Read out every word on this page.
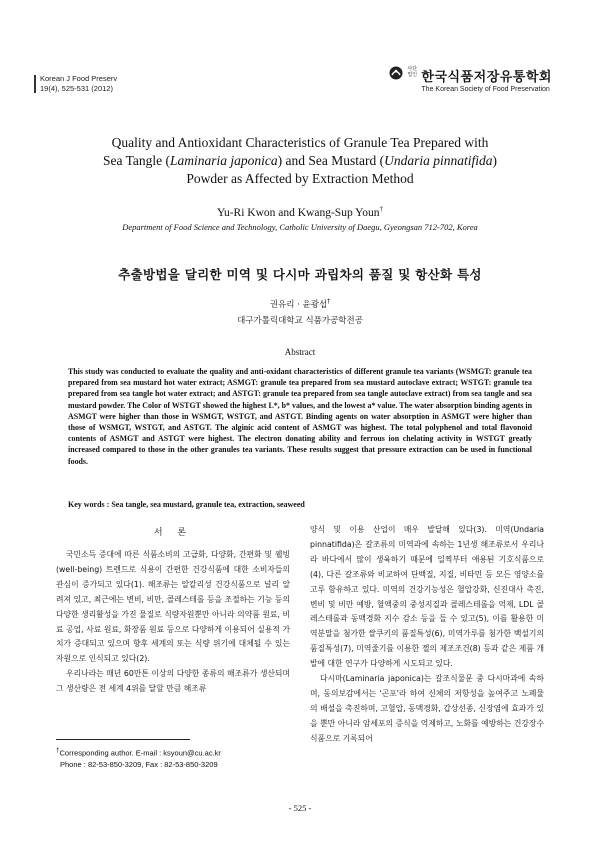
Korean J Food Preserv
19(4), 525-531 (2012)
사단법인 한국식품저장유통학회
The Korean Society of Food Preservation
Quality and Antioxidant Characteristics of Granule Tea Prepared with
Sea Tangle (Laminaria japonica) and Sea Mustard (Undaria pinnatifida)
Powder as Affected by Extraction Method
Yu-Ri Kwon and Kwang-Sup Youn†
Department of Food Science and Technology, Catholic University of Daegu, Gyeongsan 712-702, Korea
추출방법을 달리한 미역 및 다시마 과립차의 품질 및 항산화 특성
권유리 · 윤광섭†
대구가톨릭대학교 식품가공학전공
Abstract
This study was conducted to evaluate the quality and anti-oxidant characteristics of different granule tea variants (WSMGT: granule tea prepared from sea mustard hot water extract; ASMGT: granule tea prepared from sea mustard autoclave extract; WSTGT: granule tea prepared from sea tangle hot water extract; and ASTGT: granule tea prepared from sea tangle autoclave extract) from sea tangle and sea mustard powder. The Color of WSTGT showed the highest L*, b* values, and the lowest a* value. The water absorption binding agents in ASMGT were higher than those in WSMGT, WSTGT, and ASTGT. Binding agents on water absorption in ASMGT were higher than those of WSMGT, WSTGT, and ASTGT. The alginic acid content of ASMGT was highest. The total polyphenol and total flavonoid contents of ASMGT and ASTGT were highest. The electron donating ability and ferrous ion chelating activity in WSTGT greatly increased compared to those in the other granules tea variants. These results suggest that pressure extraction can be used in functional foods.
Key words : Sea tangle, sea mustard, granule tea, extraction, seaweed
서 론

국민소득 증대에 따른 식품소비의 고급화, 다양화, 간편화 및 웰빙(well-being) 트렌드로 식용이 간편한 건강식품에 대한 소비자들의 관심이 증가되고 있다(1). 해조류는 알칼리성 건강식품으로 널리 알려져 있고, 최근에는 변비, 비만, 콜레스테롤 등을 조절하는 기능 등의 다양한 생리활성을 가진 물질로 식량자원뿐만 아니라 의약품 원료, 비료 공업, 사료 원료, 화장품 원료 등으로 다양하게 이용되어 실용적 가치가 증대되고 있으며 향후 세계의 또는 식량 위기에 대체될 수 있는 자원으로 인식되고 있다(2).

우리나라는 매년 60만톤 이상의 다양한 종류의 해조류가 생산되며 그 생산량은 전 세계 4위를 달할 만큼 해조류

양식 및 이용 산업이 매우 발달해 있다(3). 미역(Undaria pinnatifida)은 갈조류의 미역과에 속하는 1년생 해조류로서 우리나라 바다에서 많이 생육하기 때문에 일찍부터 애용된 기호식품으로(4), 다른 갈조류와 비교하여 단백질, 지질, 비타민 등 모든 영양소를 고루 함유하고 있다. 미역의 건강기능성은 혈압강화, 신진대사 촉진, 변비 및 비만 예방, 혈액중의 중성지질과 콜레스테롤을 억제, LDL 콜레스테롤과 동맥경화 지수 감소 등을 들 수 있고(5), 이를 활용한 미역분말을 첨가한 쌀쿠키의 품질특성(6), 미역가루를 첨가한 백설기의 품질특성(7), 미역줄기를 이용한 젤의 제조조건(8) 등과 같은 제품 개발에 대한 연구가 다양하게 시도되고 있다.

다시마(Laminaria japonica)는 갈조식물문 중 다시마과에 속하며, 동의보감에서는 '곤포'라 하여 신체의 저항성을 높여주고 노폐물의 배설을 촉진하며, 고혈압, 동맥경화, 갑상선종, 신장염에 효과가 있을 뿐만 아니라 암세포의 증식을 억제하고, 노화를 예방하는 건강장수식품으로 기록되어

†Corresponding author. E-mail : ksyoun@cu.ac.kr
Phone : 82-53-850-3209, Fax : 82-53-850-3209
- 525 -
